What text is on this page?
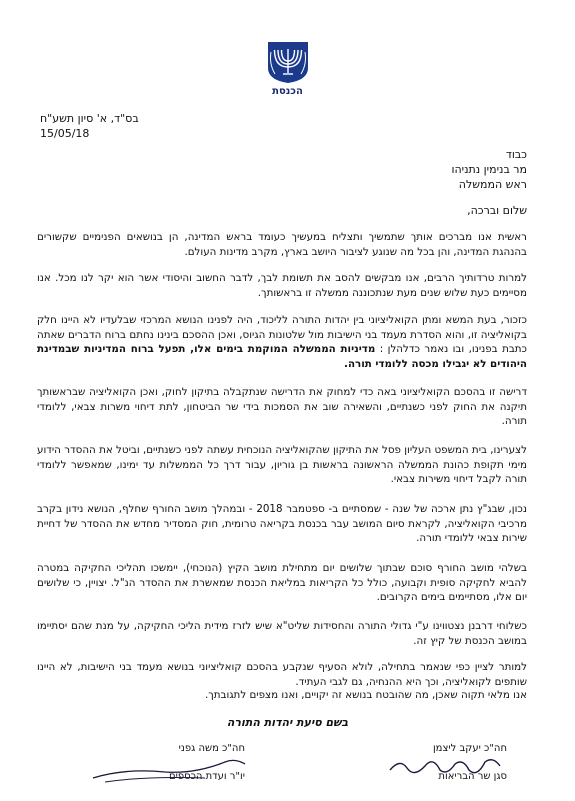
הכנסת
בס"ד, א' סיון תשע"ח
15/05/18
כבוד
מר בנימין נתניהו
ראש הממשלה
שלום וברכה,

ראשית אנו מברכים אותך שתמשיך ותצליח במעשיך כעומד בראש המדינה, הן בנושאים הפנימיים שקשורים בהנהגת המדינה, והן בכל מה שנוגע לציבור היושב בארץ, מקרב מדינות העולם.

למרות טרדותיך הרבים, אנו מבקשים להסב את תשומת לבך, לדבר החשוב והיסודי אשר הוא יקר לנו מכל. אנו מסיימים כעת שלוש שנים מעת שנתכוננה ממשלה זו בראשותך.

כזכור, בעת המשא ומתן הקואליציוני בין יהדות התורה לליכוד, היה לפנינו הנושא המרכזי שבלעדיו לא היינו חלק בקואליציה זו, והוא הסדרת מעמד בני הישיבות מול שלטונות הגיוס, ואכן ההסכם בינינו נחתם ברוח הדברים שאתה כתבת בפנינו, ובו נאמר כדלהלן : מדיניות הממשלה המוקמת בימים אלו, תפעל ברוח המדיניות שבמדינת היהודים לא יגבילו מכסה ללומדי תורה.

דרישה זו בהסכם הקואליציוני באה כדי למחוק את הדרישה שנתקבלה בתיקון לחוק, ואכן הקואליציה שבראשותך תיקנה את החוק לפני כשנתיים, והשאירה שוב את הסמכות בידי שר הביטחון, לתת דיחוי משרות צבאי, ללומדי תורה.

לצערינו, בית המשפט העליון פסל את התיקון שהקואליציה הנוכחית עשתה לפני כשנתיים, וביטל את ההסדר הידוע מימי תקופת כהונת הממשלה הראשונה בראשות בן גוריון, עבור דרך כל הממשלות עד ימינו, שמאפשר ללומדי תורה לקבל דיחוי משירות צבאי.

נכון, שבג"ץ נתן ארכה של שנה - שמסתיים ב- ספטמבר 2018 - ובמהלך מושב החורף שחלף, הנושא נידון בקרב מרכיבי הקואליציה, לקראת סיום המושב עבר בכנסת בקריאה טרומית, חוק המסדיר מחדש את ההסדר של דחיית שירות צבאי ללומדי תורה.

בשלהי מושב החורף סוכם שבתוך שלושים יום מתחילת מושב הקיץ (הנוכחי), יימשכו תהליכי החקיקה במטרה להביא לחקיקה סופית וקבועה, כולל כל הקריאות במליאת הכנסת שמאשרת את ההסדר הנ"ל. יצויין, כי שלושים יום אלו, מסתיימים בימים הקרובים.

כשלוחי דרבנן נצטווינו ע"י גדולי התורה והחסידות שליט"א שיש לזרז מידית הליכי החקיקה, על מנת שהם יסתיימו במושב הכנסת של קיץ זה.

למותר לציין כפי שנאמר בתחילה, לולא הסעיף שנקבע בהסכם קואליציוני בנושא מעמד בני הישיבות, לא היינו שותפים לקואליציה, וכך היא ההנחיה, גם לגבי העתיד.

אנו מלאי תקוה שאכן, מה שהובטח בנושא זה יקויים, ואנו מצפים לתגובתך.

בשם סיעת יהדות התורה
חה"כ יעקב ליצמן
סגן שר הבריאות
חה"כ משה גפני
יו"ר ועדת הכספים
